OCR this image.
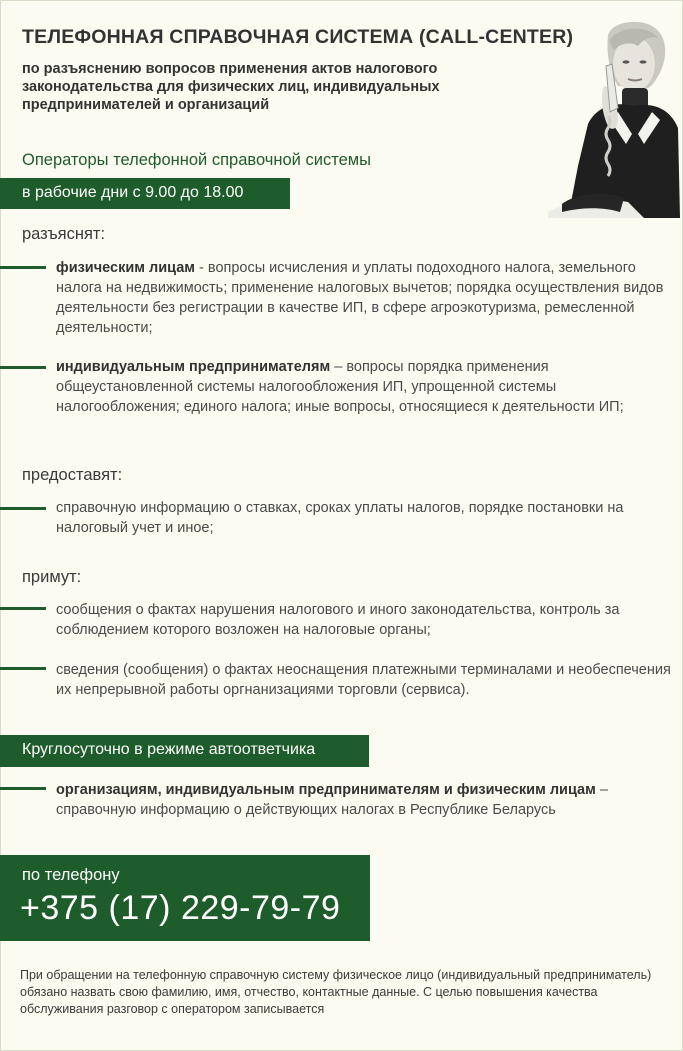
ТЕЛЕФОННАЯ СПРАВОЧНАЯ СИСТЕМА (CALL-CENTER)
по разъяснению вопросов применения актов налогового законодательства для физических лиц, индивидуальных предпринимателей и организаций
Операторы телефонной справочной системы
в рабочие дни с 9.00 до 18.00
разъяснят:
физическим лицам - вопросы исчисления и уплаты подоходного налога, земельного налога на недвижимость; применение налоговых вычетов; порядка осуществления видов деятельности без регистрации в качестве ИП, в сфере агроэкотуризма, ремесленной деятельности;
индивидуальным предпринимателям – вопросы порядка применения общеустановленной системы налогообложения ИП, упрощенной системы налогообложения; единого налога; иные вопросы, относящиеся к деятельности ИП;
предоставят:
справочную информацию о ставках, сроках уплаты налогов, порядке постановки на налоговый учет и иное;
примут:
сообщения о фактах нарушения налогового и иного законодательства, контроль за соблюдением которого возложен на налоговые органы;
сведения (сообщения) о фактах неоснащения платежными терминалами и необеспечения их непрерывной работы оргнанизациями торговли (сервиса).
Круглосуточно в режиме автоответчика
организациям, индивидуальным предпринимателям и физическим лицам – справочную информацию о действующих налогах в Республике Беларусь
по телефону
+375 (17) 229-79-79
При обращении на телефонную справочную систему физическое лицо (индивидуальный предприниматель) обязано назвать свою фамилию, имя, отчество, контактные данные. С целью повышения качества обслуживания разговор с оператором записывается
